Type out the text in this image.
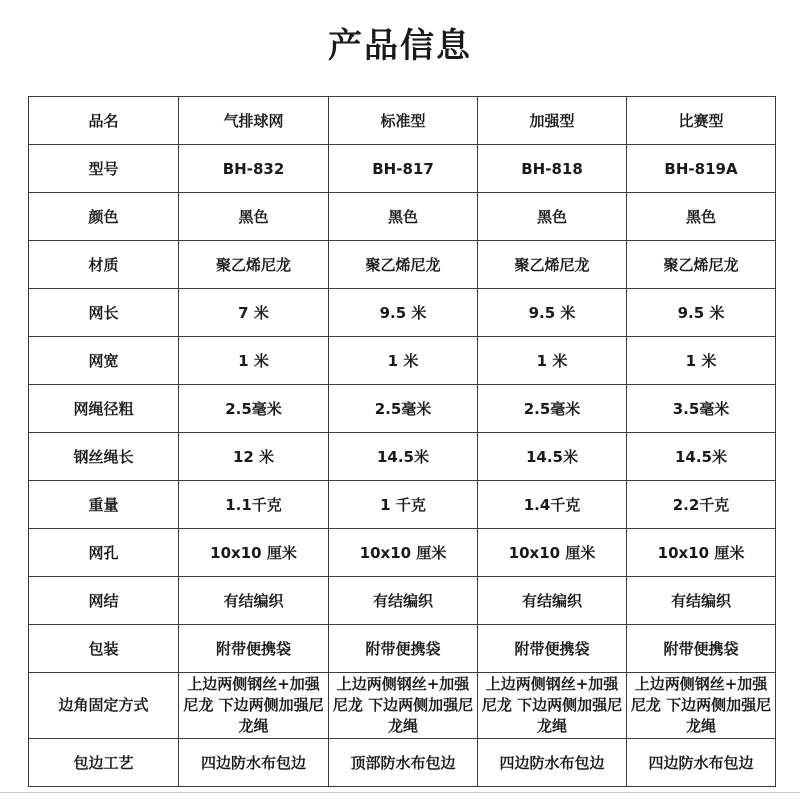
产品信息
品名	气排球网	标准型	加强型	比赛型
型号	BH-832	BH-817	BH-818	BH-819A
颜色	黑色	黑色	黑色	黑色
材质	聚乙烯尼龙	聚乙烯尼龙	聚乙烯尼龙	聚乙烯尼龙
网长	7 米	9.5 米	9.5 米	9.5 米
网宽	1 米	1 米	1 米	1 米
网绳径粗	2.5毫米	2.5毫米	2.5毫米	3.5毫米
钢丝绳长	12 米	14.5米	14.5米	14.5米
重量	1.1千克	1 千克	1.4千克	2.2千克
网孔	10x10 厘米	10x10 厘米	10x10 厘米	10x10 厘米
网结	有结编织	有结编织	有结编织	有结编织
包装	附带便携袋	附带便携袋	附带便携袋	附带便携袋
边角固定方式	上边两侧钢丝+加强尼龙 下边两侧加强尼龙绳	上边两侧钢丝+加强尼龙 下边两侧加强尼龙绳	上边两侧钢丝+加强尼龙 下边两侧加强尼龙绳	上边两侧钢丝+加强尼龙 下边两侧加强尼龙绳
包边工艺	四边防水布包边	顶部防水布包边	四边防水布包边	四边防水布包边
